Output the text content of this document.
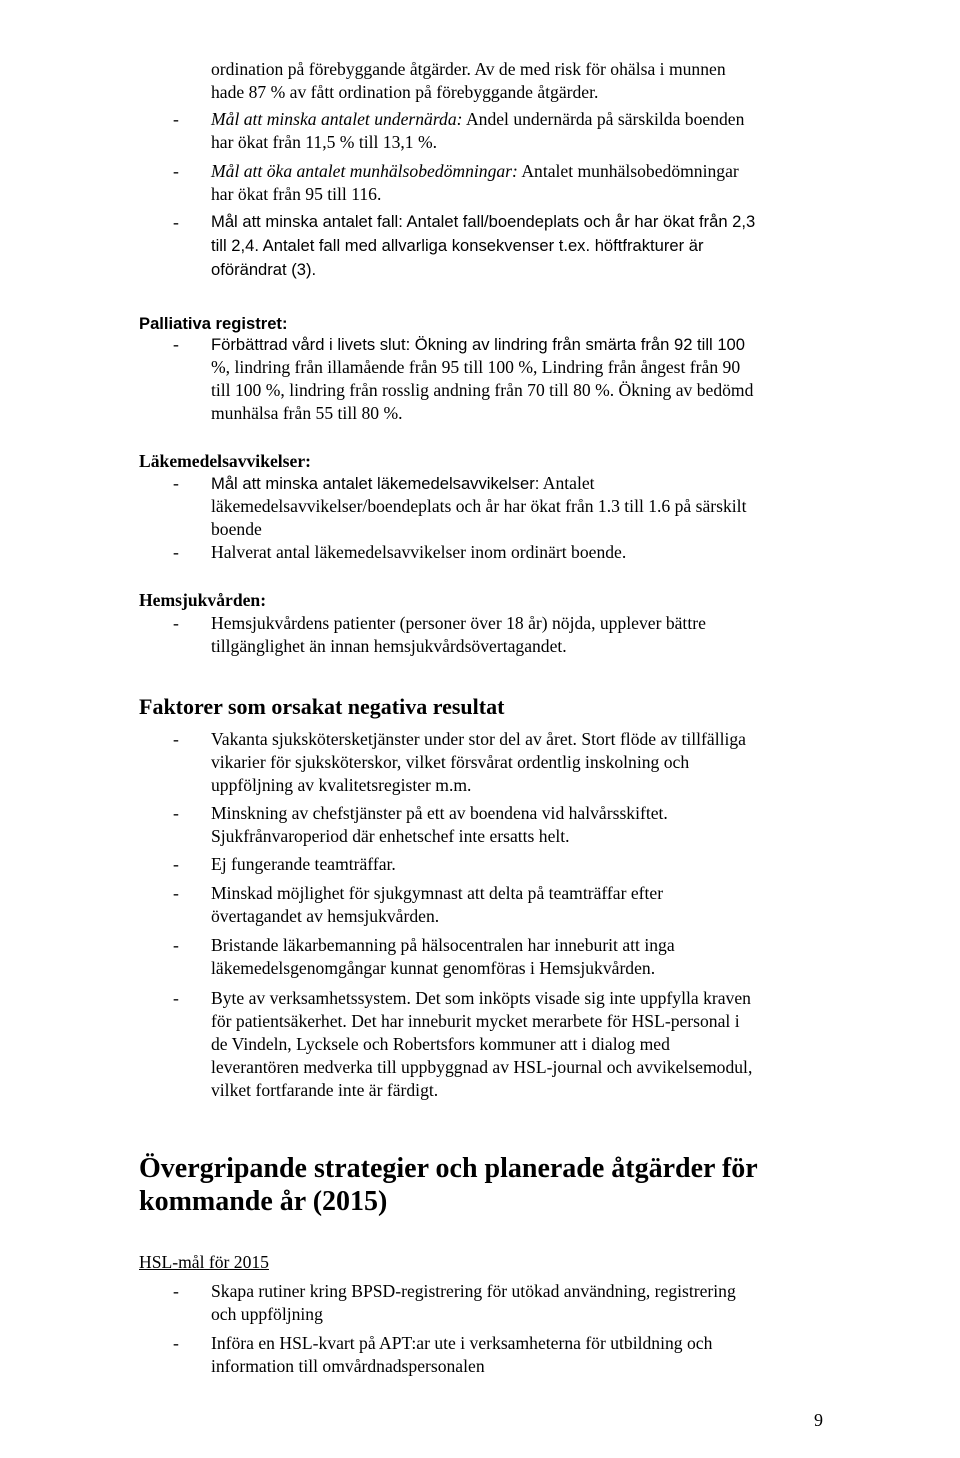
ordination på förebyggande åtgärder. Av de med risk för ohälsa i munnen
hade 87 % av fått ordination på förebyggande åtgärder.
- Mål att minska antalet undernärda: Andel undernärda på särskilda boenden
har ökat från 11,5 % till 13,1 %.
- Mål att öka antalet munhälsobedömningar: Antalet munhälsobedömningar
har ökat från 95 till 116.
- Mål att minska antalet fall: Antalet fall/boendeplats och år har ökat från 2,3
till 2,4. Antalet fall med allvarliga konsekvenser t.ex. höftfrakturer är
oförändrat (3).
Palliativa registret:
- Förbättrad vård i livets slut: Ökning av lindring från smärta från 92 till 100
%, lindring från illamående från 95 till 100 %, Lindring från ångest från 90
till 100 %, lindring från rosslig andning från 70 till 80 %. Ökning av bedömd
munhälsa från 55 till 80 %.
Läkemedelsavvikelser:
- Mål att minska antalet läkemedelsavvikelser: Antalet
läkemedelsavvikelser/boendeplats och år har ökat från 1.3 till 1.6 på särskilt
boende
- Halverat antal läkemedelsavvikelser inom ordinärt boende.
Hemsjukvården:
- Hemsjukvårdens patienter (personer över 18 år) nöjda, upplever bättre
tillgänglighet än innan hemsjukvårdsövertagandet.
Faktorer som orsakat negativa resultat
- Vakanta sjukskötersketjänster under stor del av året. Stort flöde av tillfälliga
vikarier för sjuksköterskor, vilket försvårat ordentlig inskolning och
uppföljning av kvalitetsregister m.m.
- Minskning av chefstjänster på ett av boendena vid halvårsskiftet.
Sjukfrånvaroperiod där enhetschef inte ersatts helt.
- Ej fungerande teamträffar.
- Minskad möjlighet för sjukgymnast att delta på teamträffar efter
övertagandet av hemsjukvården.
- Bristande läkarbemanning på hälsocentralen har inneburit att inga
läkemedelsgenomgångar kunnat genomföras i Hemsjukvården.
- Byte av verksamhetssystem. Det som inköpts visade sig inte uppfylla kraven
för patientsäkerhet. Det har inneburit mycket merarbete för HSL-personal i
de Vindeln, Lycksele och Robertsfors kommuner att i dialog med
leverantören medverka till uppbyggnad av HSL-journal och avvikelsemodul,
vilket fortfarande inte är färdigt.
Övergripande strategier och planerade åtgärder för
kommande år (2015)
HSL-mål för 2015
- Skapa rutiner kring BPSD-registrering för utökad användning, registrering
och uppföljning
- Införa en HSL-kvart på APT:ar ute i verksamheterna för utbildning och
information till omvårdnadspersonalen
9
